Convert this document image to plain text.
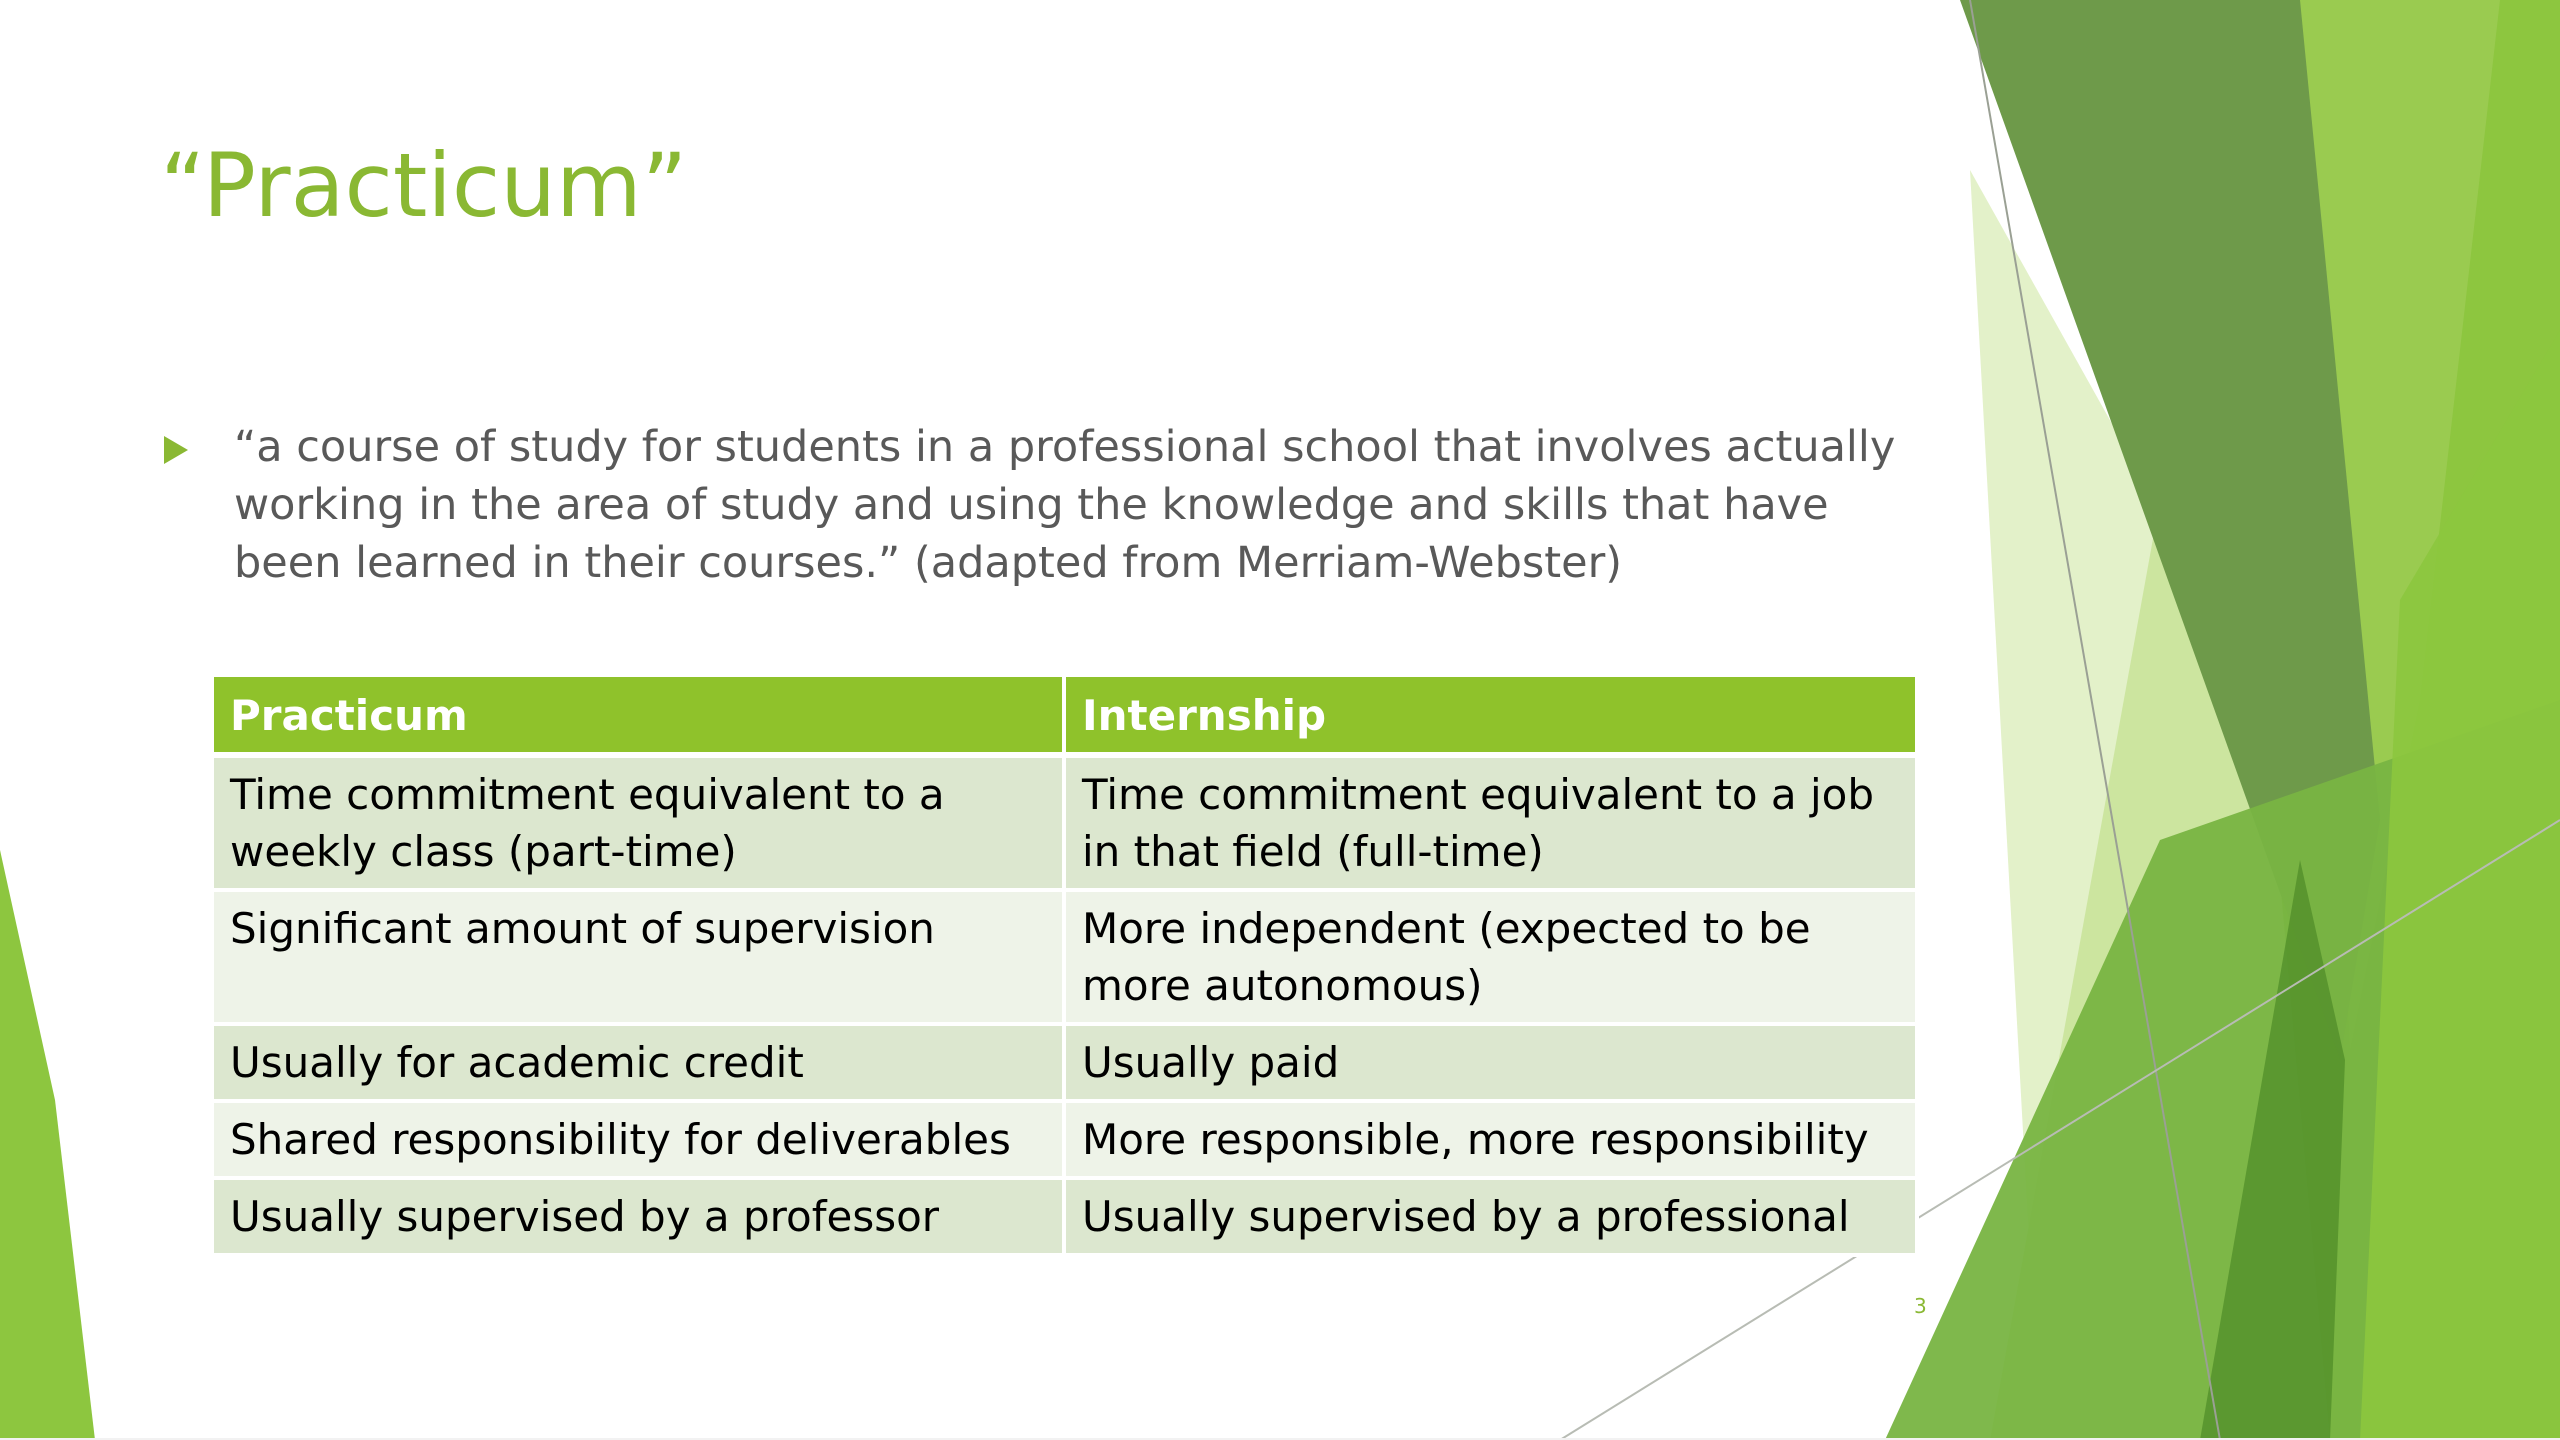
“Practicum”

“a course of study for students in a professional school that involves actually working in the area of study and using the knowledge and skills that have been learned in their courses.” (adapted from Merriam-Webster)

Practicum	Internship
Time commitment equivalent to a weekly class (part-time)	Time commitment equivalent to a job in that field (full-time)
Significant amount of supervision	More independent (expected to be more autonomous)
Usually for academic credit	Usually paid
Shared responsibility for deliverables	More responsible, more responsibility
Usually supervised by a professor	Usually supervised by a professional
3
